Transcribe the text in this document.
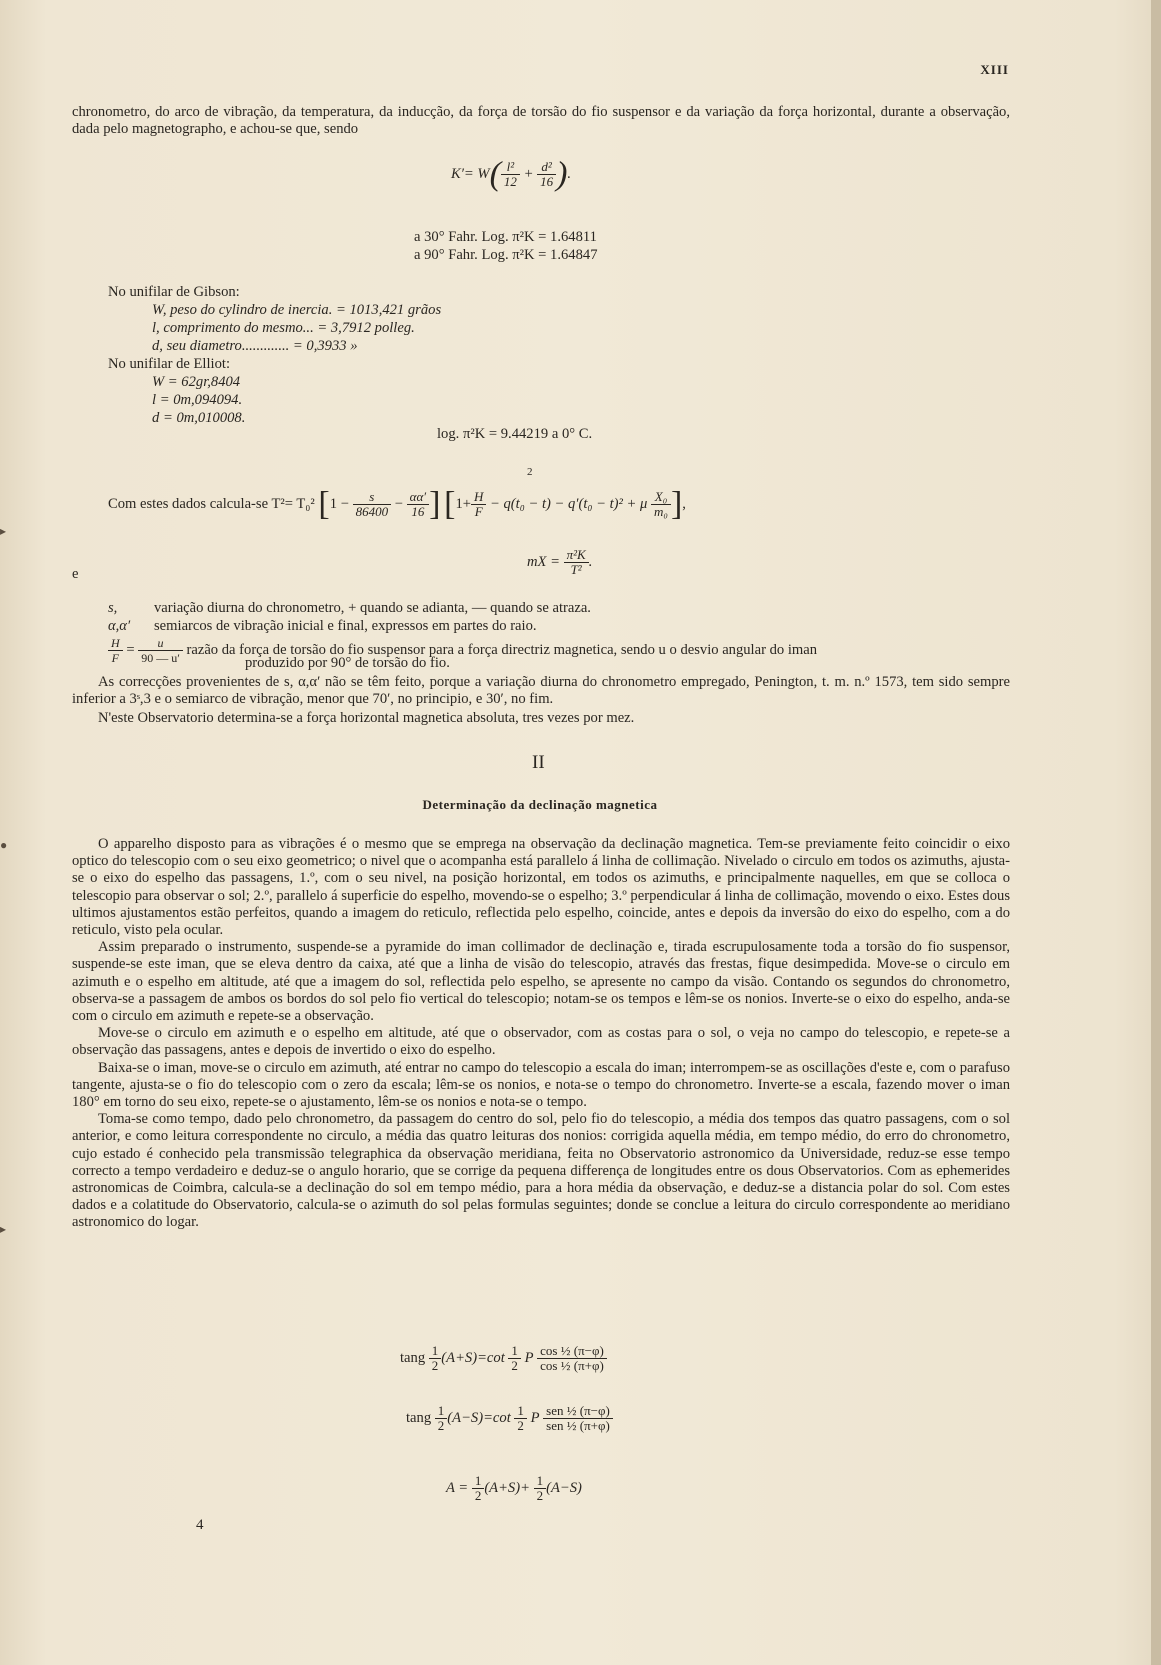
XIII

chronometro, do arco de vibração, da temperatura, da inducção, da força de torsão do fio suspensor e da variação da força horizontal, durante a observação, dada pelo magnetographo, e achou-se que, sendo

$K'= W( \frac{\text{l²}}{12} + \frac{\text{d²}}{16}$ ).
a 30° Fahr. Log. π²K = 1.64811
a 90° Fahr. Log. π²K = 1.64847
No unifilar de Gibson:
W, peso do cylindro de inercia. = 1013,421 grãos
l, comprimento do mesmo... = 3,7912 polleg.
d, seu diametro............. = 0,3933 »
No unifilar de Elliot:
W = 62gr,8404
l = 0m,094094.
d = 0m,010008.
log. π²K = 9.44219 a 0° C.
2
Com estes dados calcula-se T²= T₀² [$1 - \frac{s}{86400} - \frac{\alpha\alpha'}{16}$ ] [$1+ \frac{H}{F} - q(t_0 - t) - q'(t_0 - t)^2 + \mu \frac{\text{X₀}}{\text{m₀}}$ ],
mX = $\frac{\text{π²K}}{\text{T²}}$ .
e
s,	variação diurna do chronometro, + quando se adianta, — quando se atraza.
α,α′ semiarcos de vibração inicial e final, expressos em partes do raio.
$\frac{H}{F} = \frac{u}{90 — u'}$ razão da força de torsão do fio suspensor para a força directriz magnetica, sendo u o desvio angular do iman
produzido por 90° de torsão do fio.

As correcções provenientes de s, α,α′ não se têm feito, porque a variação diurna do chronometro empregado, Penington, t. m. n.º 1573, tem sido sempre inferior a 3ˢ,3 e o semiarco de vibração, menor que 70′, no principio, e 30′, no fim.

N'este Observatorio determina-se a força horizontal magnetica absoluta, tres vezes por mez.

II
Determinação da declinação magnetica

O apparelho disposto para as vibrações é o mesmo que se emprega na observação da declinação magnetica. Tem-se previamente feito coincidir o eixo optico do telescopio com o seu eixo geometrico; o nivel que o acompanha está parallelo á linha de collimação. Nivelado o circulo em todos os azimuths, ajusta-se o eixo do espelho das passagens, 1.º, com o seu nivel, na posição horizontal, em todos os azimuths, e principalmente naquelles, em que se colloca o telescopio para observar o sol; 2.º, parallelo á superficie do espelho, movendo-se o espelho; 3.º perpendicular á linha de collimação, movendo o eixo. Estes dous ultimos ajustamentos estão perfeitos, quando a imagem do reticulo, reflectida pelo espelho, coincide, antes e depois da inversão do eixo do espelho, com a do reticulo, visto pela ocular.

Assim preparado o instrumento, suspende-se a pyramide do iman collimador de declinação e, tirada escrupulosamente toda a torsão do fio suspensor, suspende-se este iman, que se eleva dentro da caixa, até que a linha de visão do telescopio, através das frestas, fique desimpedida. Move-se o circulo em azimuth e o espelho em altitude, até que a imagem do sol, reflectida pelo espelho, se apresente no campo da visão. Contando os segundos do chronometro, observa-se a passagem de ambos os bordos do sol pelo fio vertical do telescopio; notam-se os tempos e lêm-se os nonios. Inverte-se o eixo do espelho, anda-se com o circulo em azimuth e repete-se a observação.

Move-se o circulo em azimuth e o espelho em altitude, até que o observador, com as costas para o sol, o veja no campo do telescopio, e repete-se a observação das passagens, antes e depois de invertido o eixo do espelho.

Baixa-se o iman, move-se o circulo em azimuth, até entrar no campo do telescopio a escala do iman; interrompem-se as oscillações d'este e, com o parafuso tangente, ajusta-se o fio do telescopio com o zero da escala; lêm-se os nonios, e nota-se o tempo do chronometro. Inverte-se a escala, fazendo mover o iman 180° em torno do seu eixo, repete-se o ajustamento, lêm-se os nonios e nota-se o tempo.

Toma-se como tempo, dado pelo chronometro, da passagem do centro do sol, pelo fio do telescopio, a média dos tempos das quatro passagens, com o sol anterior, e como leitura correspondente no circulo, a média das quatro leituras dos nonios: corrigida aquella média, em tempo médio, do erro do chronometro, cujo estado é conhecido pela transmissão telegraphica da observação meridiana, feita no Observatorio astronomico da Universidade, reduz-se esse tempo correcto a tempo verdadeiro e deduz-se o angulo horario, que se corrige da pequena differença de longitudes entre os dous Observatorios. Com as ephemerides astronomicas de Coimbra, calcula-se a declinação do sol em tempo médio, para a hora média da observação, e deduz-se a distancia polar do sol. Com estes dados e a colatitude do Observatorio, calcula-se o azimuth do sol pelas formulas seguintes; donde se conclue a leitura do circulo correspondente ao meridiano astronomico do logar.

tang $\frac{1}{2} (A+S)=\cot \frac{1}{2}$ P $\frac{\text{cos ½ (π−φ)}}{\text{cos ½ (π+φ)}}$
tang $\frac{1}{2} (A-S)=\cot \frac{1}{2}$ P $\frac{\text{sen ½ (π−φ)}}{\text{sen ½ (π+φ)}}$
$A = \frac{1}{2} (A+S)+ \frac{1}{2} (A-S)$
4
▸
●
▸
